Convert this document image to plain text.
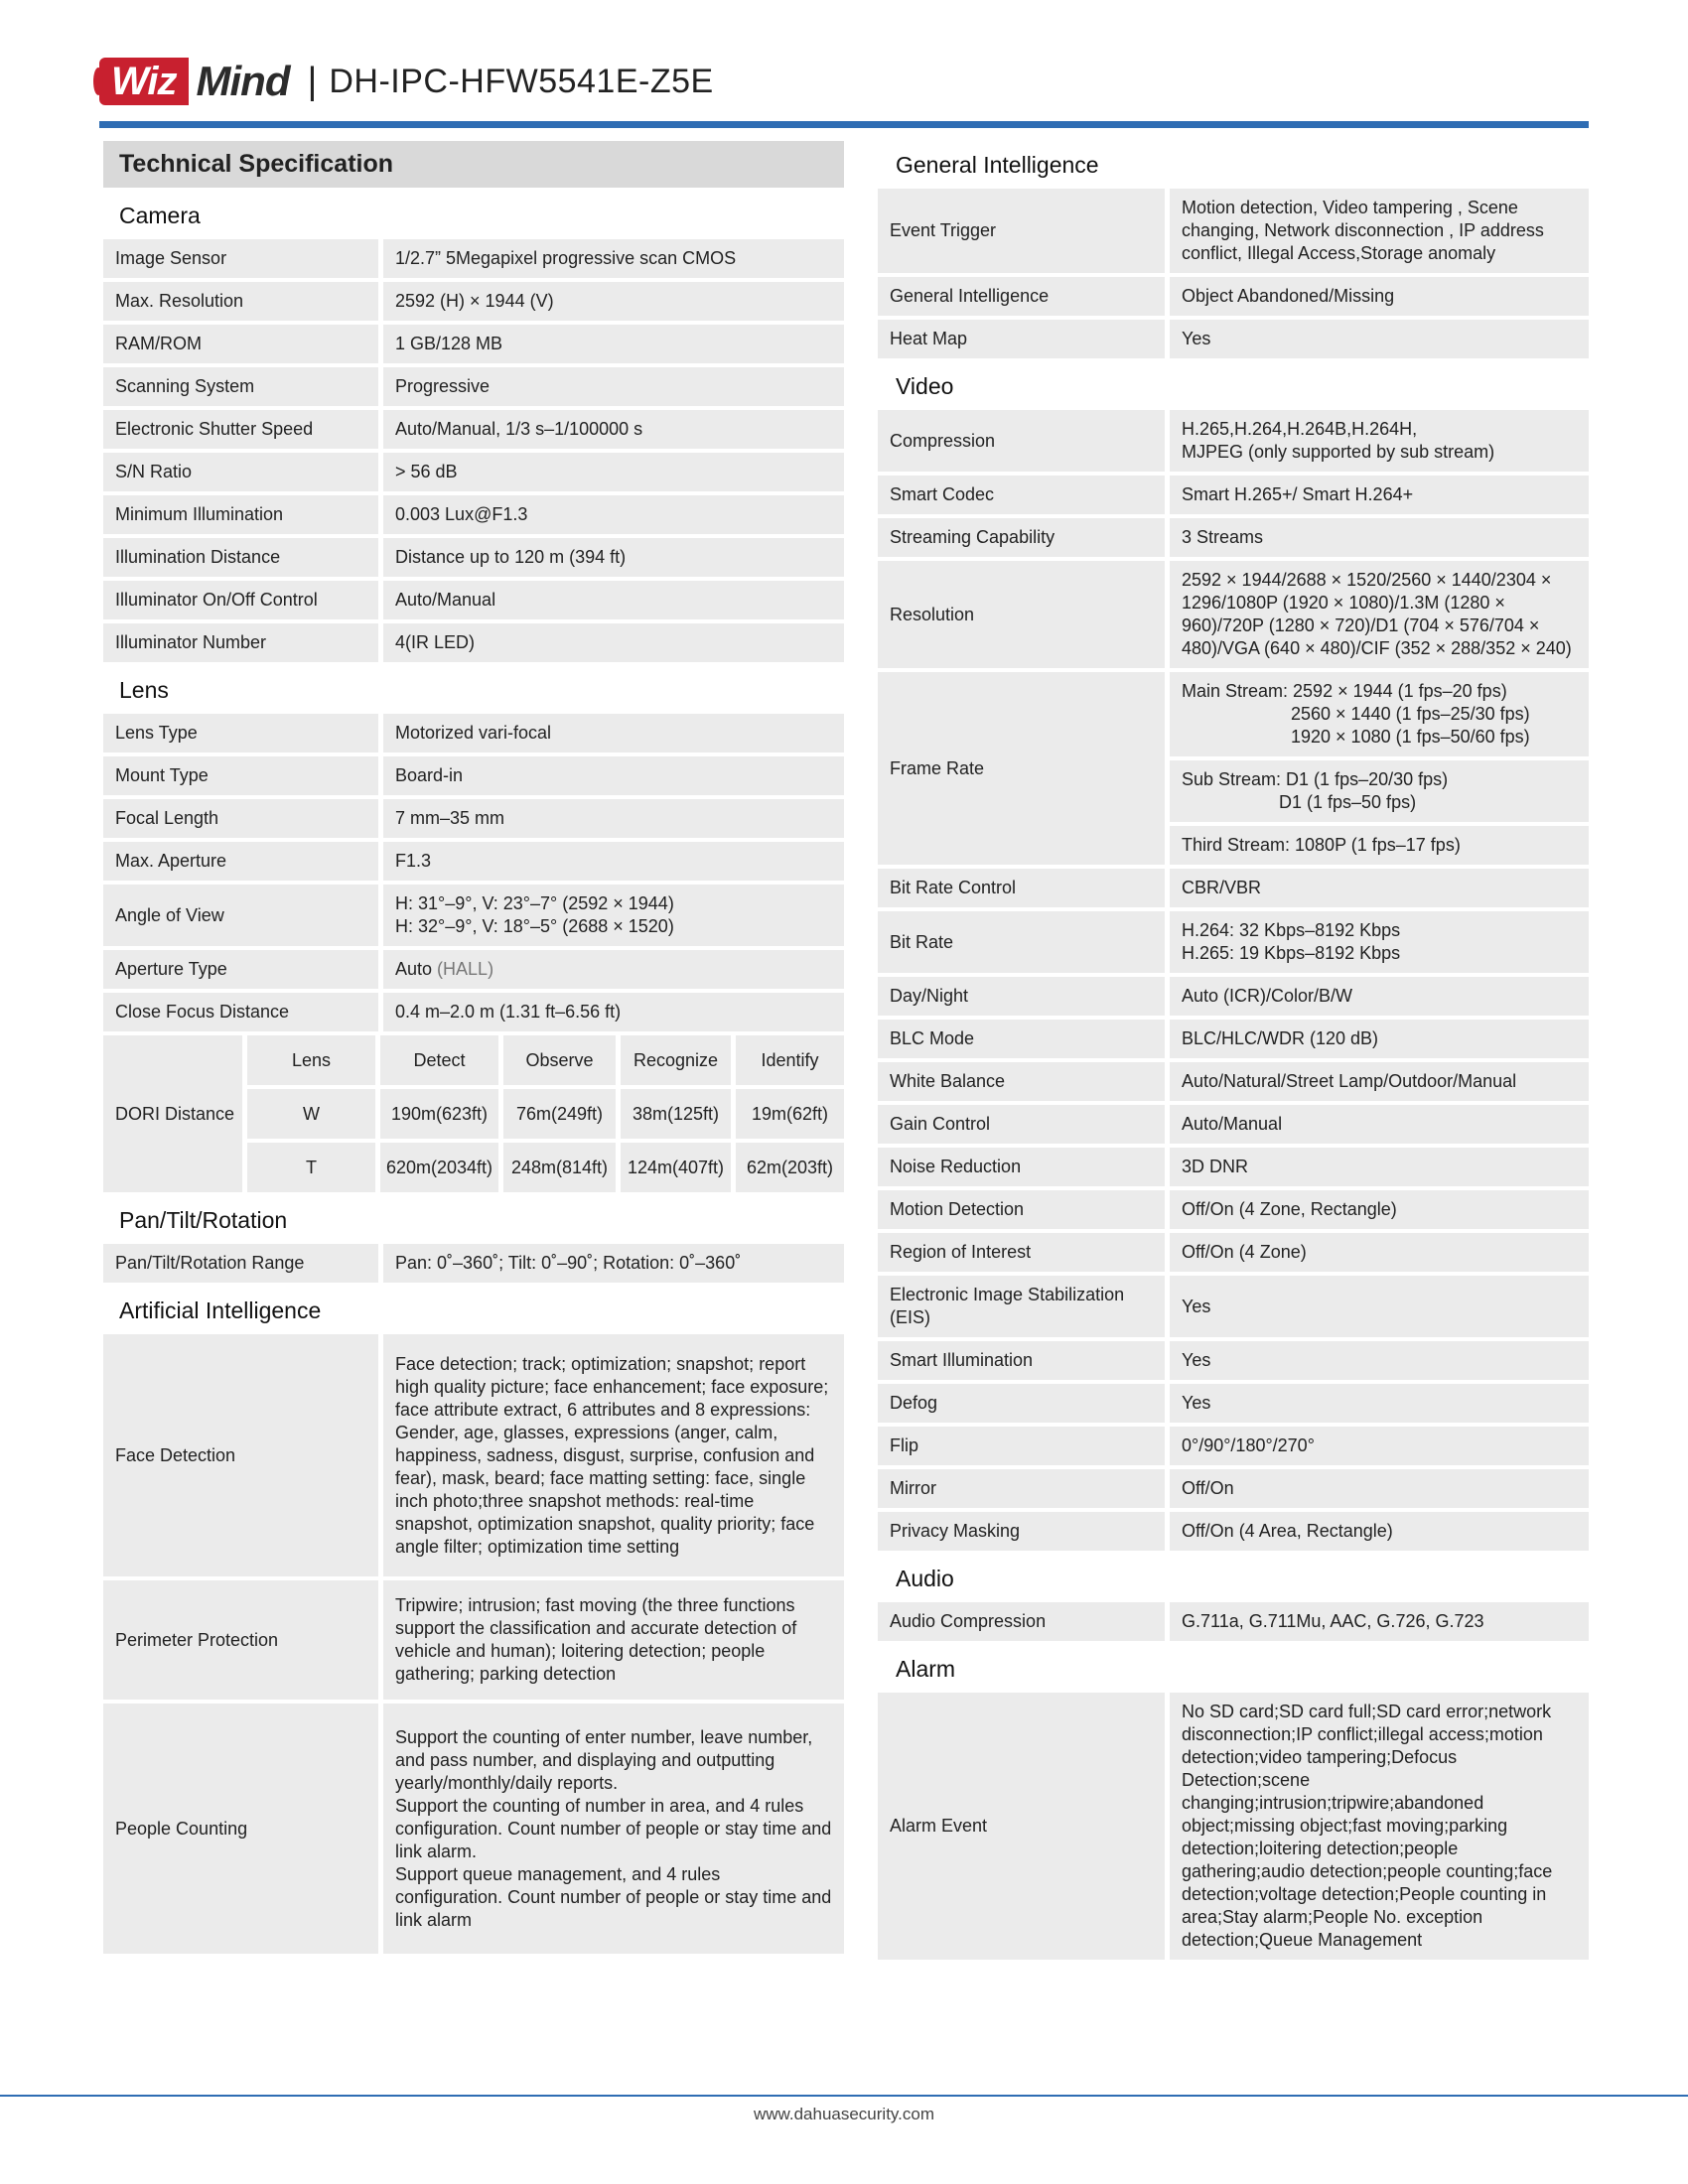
Wiz Mind | DH-IPC-HFW5541E-Z5E
Technical Specification	
Camera	
Image Sensor	1/2.7” 5Megapixel progressive scan CMOS
Max. Resolution	2592 (H) × 1944 (V)
RAM/ROM	1 GB/128 MB
Scanning System	Progressive
Electronic Shutter Speed	Auto/Manual, 1/3 s–1/100000 s
S/N Ratio	> 56 dB
Minimum Illumination	0.003 Lux@F1.3
Illumination Distance	Distance up to 120 m (394 ft)
Illuminator On/Off Control	Auto/Manual
Illuminator Number	4(IR LED)
Lens	
Lens Type	Motorized vari-focal
Mount Type	Board-in
Focal Length	7 mm–35 mm
Max. Aperture	F1.3
Angle of View	H: 31°–9°, V: 23°–7° (2592 × 1944)
H: 32°–9°, V: 18°–5° (2688 × 1520)
Aperture Type	Auto (HALL)
Close Focus Distance	0.4 m–2.0 m (1.31 ft–6.56 ft)
DORI Distance	Lens	Detect	Observe	Recognize	Identify
	W	190m(623ft)	76m(249ft)	38m(125ft)	19m(62ft)
	T	620m(2034ft)	248m(814ft)	124m(407ft)	62m(203ft)
Pan/Tilt/Rotation	
Pan/Tilt/Rotation Range	Pan: 0˚–360˚; Tilt: 0˚–90˚; Rotation: 0˚–360˚
Artificial Intelligence	
Face Detection	Face detection; track; optimization; snapshot; report high quality picture; face enhancement; face exposure; face attribute extract, 6 attributes and 8 expressions: Gender, age, glasses, expressions (anger, calm, happiness, sadness, disgust, surprise, confusion and fear), mask, beard; face matting setting: face, single inch photo;three snapshot methods: real-time snapshot, optimization snapshot, quality priority; face angle filter; optimization time setting
Perimeter Protection	Tripwire; intrusion; fast moving (the three functions support the classification and accurate detection of vehicle and human); loitering detection; people gathering; parking detection
People Counting	Support the counting of enter number, leave number, and pass number, and displaying and outputting yearly/monthly/daily reports.
Support the counting of number in area, and 4 rules configuration. Count number of people or stay time and link alarm.
Support queue management, and 4 rules configuration. Count number of people or stay time and link alarm
General Intelligence	
Event Trigger	Motion detection, Video tampering , Scene changing, Network disconnection , IP address conflict, Illegal Access,Storage anomaly
General Intelligence	Object Abandoned/Missing
Heat Map	Yes
Video	
Compression	H.265,H.264,H.264B,H.264H,
MJPEG (only supported by sub stream)
Smart Codec	Smart H.265+/ Smart H.264+
Streaming Capability	3 Streams
Resolution	2592 × 1944/2688 × 1520/2560 × 1440/2304 × 1296/1080P (1920 × 1080)/1.3M (1280 × 960)/720P (1280 × 720)/D1 (704 × 576/704 × 480)/VGA (640 × 480)/CIF (352 × 288/352 × 240)
Frame Rate	Main Stream: 2592 × 1944 (1 fps–20 fps)
2560 × 1440 (1 fps–25/30 fps)
1920 × 1080 (1 fps–50/60 fps)

	Sub Stream: D1 (1 fps–20/30 fps)
D1 (1 fps–50 fps)

	Third Stream: 1080P (1 fps–17 fps)
Bit Rate Control	CBR/VBR
Bit Rate	H.264: 32 Kbps–8192 Kbps
H.265: 19 Kbps–8192 Kbps
Day/Night	Auto (ICR)/Color/B/W
BLC Mode	BLC/HLC/WDR (120 dB)
White Balance	Auto/Natural/Street Lamp/Outdoor/Manual
Gain Control	Auto/Manual
Noise Reduction	3D DNR
Motion Detection	Off/On (4 Zone, Rectangle)
Region of Interest	Off/On (4 Zone)
Electronic Image Stabilization (EIS)	Yes
Smart Illumination	Yes
Defog	Yes
Flip	0°/90°/180°/270°
Mirror	Off/On
Privacy Masking	Off/On (4 Area, Rectangle)
Audio	
Audio Compression	G.711a, G.711Mu, AAC, G.726, G.723
Alarm	
Alarm Event	No SD card;SD card full;SD card error;network disconnection;IP conflict;illegal access;motion detection;video tampering;Defocus Detection;scene changing;intrusion;tripwire;abandoned object;missing object;fast moving;parking detection;loitering detection;people gathering;audio detection;people counting;face detection;voltage detection;People counting in area;Stay alarm;People No. exception detection;Queue Management
www.dahuasecurity.com
